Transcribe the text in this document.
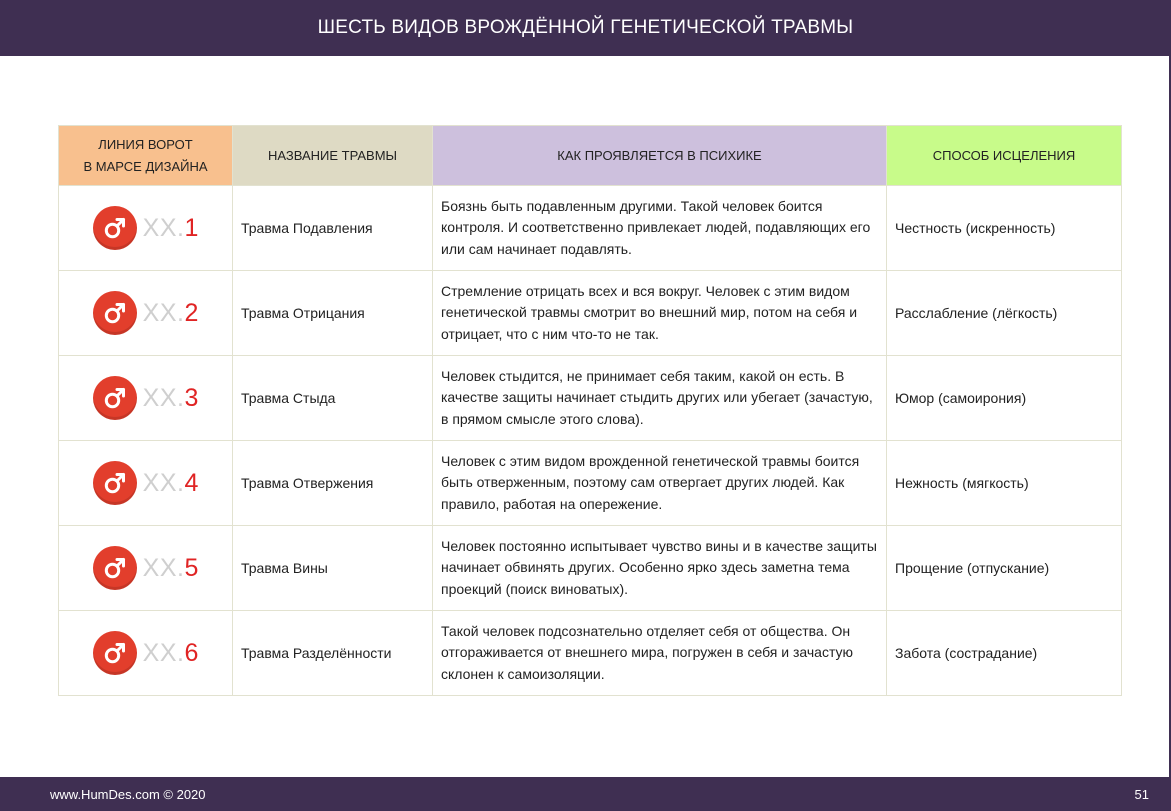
ШЕСТЬ ВИДОВ ВРОЖДЁННОЙ ГЕНЕТИЧЕСКОЙ ТРАВМЫ
ЛИНИЯ ВОРОТ
В МАРСЕ ДИЗАЙНА	НАЗВАНИЕ ТРАВМЫ	КАК ПРОЯВЛЯЕТСЯ В ПСИХИКЕ	СПОСОБ ИСЦЕЛЕНИЯ

XX. 1	Травма Подавления	Боязнь быть подавленным другими. Такой человек боится контроля. И соответственно привлекает людей, подавляющих его или сам начинает подавлять.	Честность (искренность)

XX. 2	Травма Отрицания	Стремление отрицать всех и вся вокруг. Человек с этим видом генетической травмы смотрит во внешний мир, потом на себя и отрицает, что с ним что-то не так.	Расслабление (лёгкость)

XX. 3	Травма Стыда	Человек стыдится, не принимает себя таким, какой он есть. В качестве защиты начинает стыдить других или убегает (зачастую, в прямом смысле этого слова).	Юмор (самоирония)

XX. 4	Травма Отвержения	Человек с этим видом врожденной генетической травмы боится быть отверженным, поэтому сам отвергает других людей. Как правило, работая на опережение.	Нежность (мягкость)

XX. 5	Травма Вины	Человек постоянно испытывает чувство вины и в качестве защиты начинает обвинять других. Особенно ярко здесь заметна тема проекций (поиск виноватых).	Прощение (отпускание)

XX. 6	Травма Разделённости	Такой человек подсознательно отделяет себя от общества. Он отгораживается от внешнего мира, погружен в себя и зачастую склонен к самоизоляции.	Забота (сострадание)
www.HumDes.com © 2020	51
